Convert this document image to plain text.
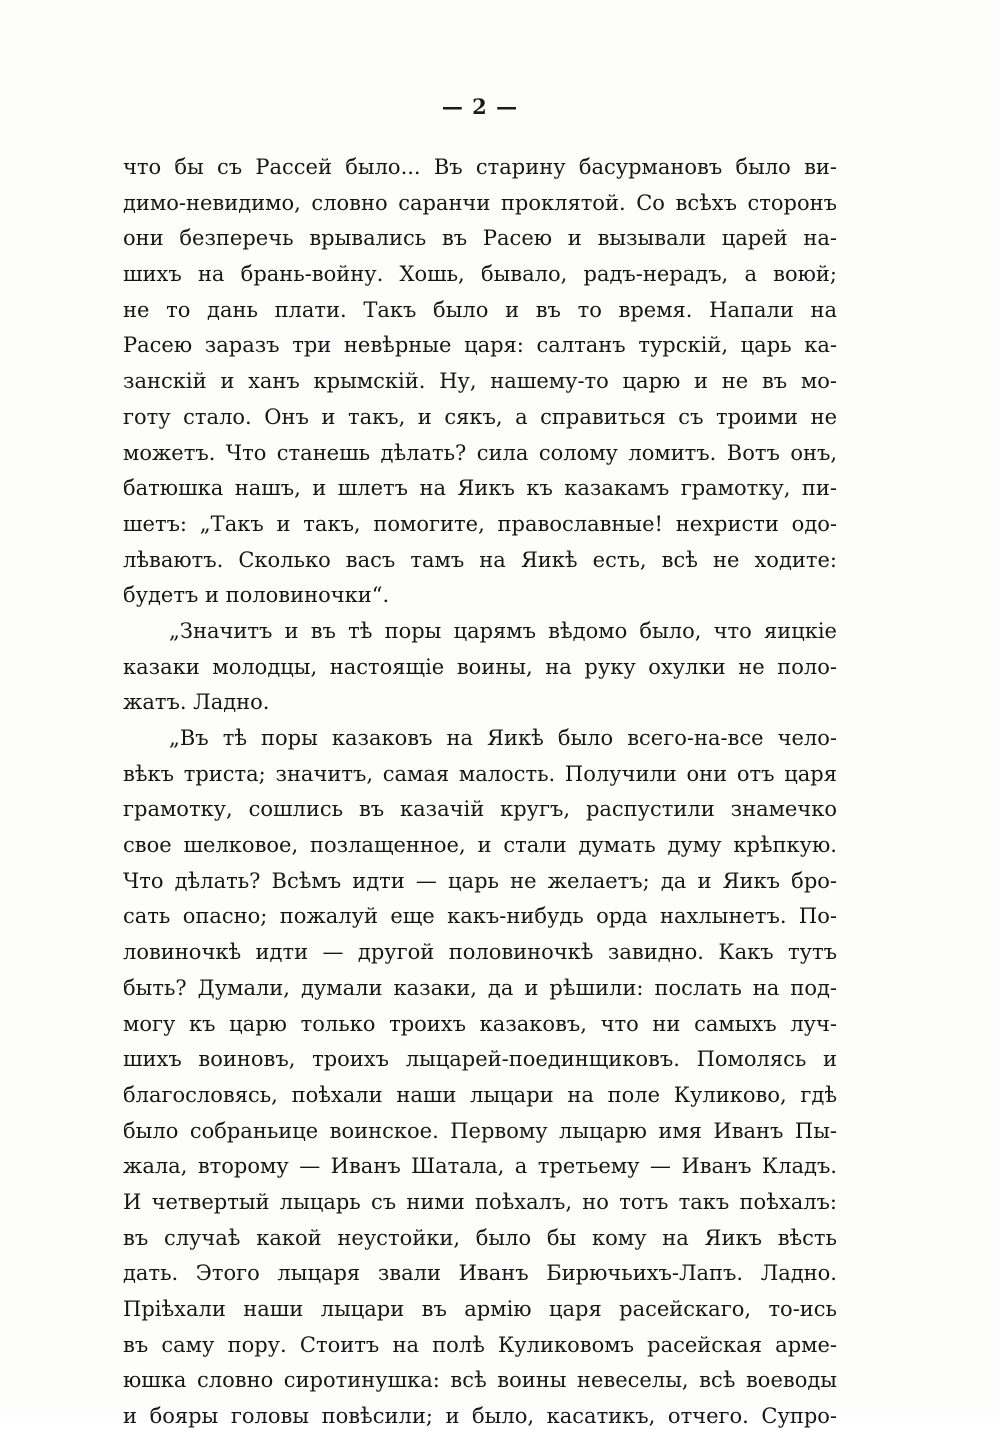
— 2 —
что бы съ Рассей было... Въ старину басурмановъ было ви-
димо-невидимо, словно саранчи проклятой. Со всѣхъ сторонъ
они безперечь врывались въ Расею и вызывали царей на-
шихъ на брань-войну. Хошь, бывало, радъ-нерадъ, а воюй;
не то дань плати. Такъ было и въ то время. Напали на
Расею заразъ три невѣрные царя: салтанъ турскій, царь ка-
занскій и ханъ крымскій. Ну, нашему-то царю и не въ мо-
готу стало. Онъ и такъ, и сякъ, а справиться съ троими не
можетъ. Что станешь дѣлать? сила солому ломитъ. Вотъ онъ,
батюшка нашъ, и шлетъ на Яикъ къ казакамъ грамотку, пи-
шетъ: „Такъ и такъ, помогите, православные! нехристи одо-
лѣваютъ. Сколько васъ тамъ на Яикѣ есть, всѣ не ходите:
будетъ и половиночки“.
„Значитъ и въ тѣ поры царямъ вѣдомо было, что яицкіе
казаки молодцы, настоящіе воины, на руку охулки не поло-
жатъ. Ладно.
„Въ тѣ поры казаковъ на Яикѣ было всего-на-все чело-
вѣкъ триста; значитъ, самая малость. Получили они отъ царя
грамотку, сошлись въ казачій кругъ, распустили знамечко
свое шелковое, позлащенное, и стали думать думу крѣпкую.
Что дѣлать? Всѣмъ идти — царь не желаетъ; да и Яикъ бро-
сать опасно; пожалуй еще какъ-нибудь орда нахлынетъ. По-
ловиночкѣ идти — другой половиночкѣ завидно. Какъ тутъ
быть? Думали, думали казаки, да и рѣшили: послать на под-
могу къ царю только троихъ казаковъ, что ни самыхъ луч-
шихъ воиновъ, троихъ лыцарей-поединщиковъ. Помолясь и
благословясь, поѣхали наши лыцари на поле Куликово, гдѣ
было собраньице воинское. Первому лыцарю имя Иванъ Пы-
жала, второму — Иванъ Шатала, а третьему — Иванъ Кладъ.
И четвертый лыцарь съ ними поѣхалъ, но тотъ такъ поѣхалъ:
въ случаѣ какой неустойки, было бы кому на Яикъ вѣсть
дать. Этого лыцаря звали Иванъ Бирючьихъ-Лапъ. Ладно.
Пріѣхали наши лыцари въ армію царя расейскаго, то-ись
въ саму пору. Стоитъ на полѣ Куликовомъ расейская арме-
юшка словно сиротинушка: всѣ воины невеселы, всѣ воеводы
и бояры головы повѣсили; и было, касатикъ, отчего. Супро-
